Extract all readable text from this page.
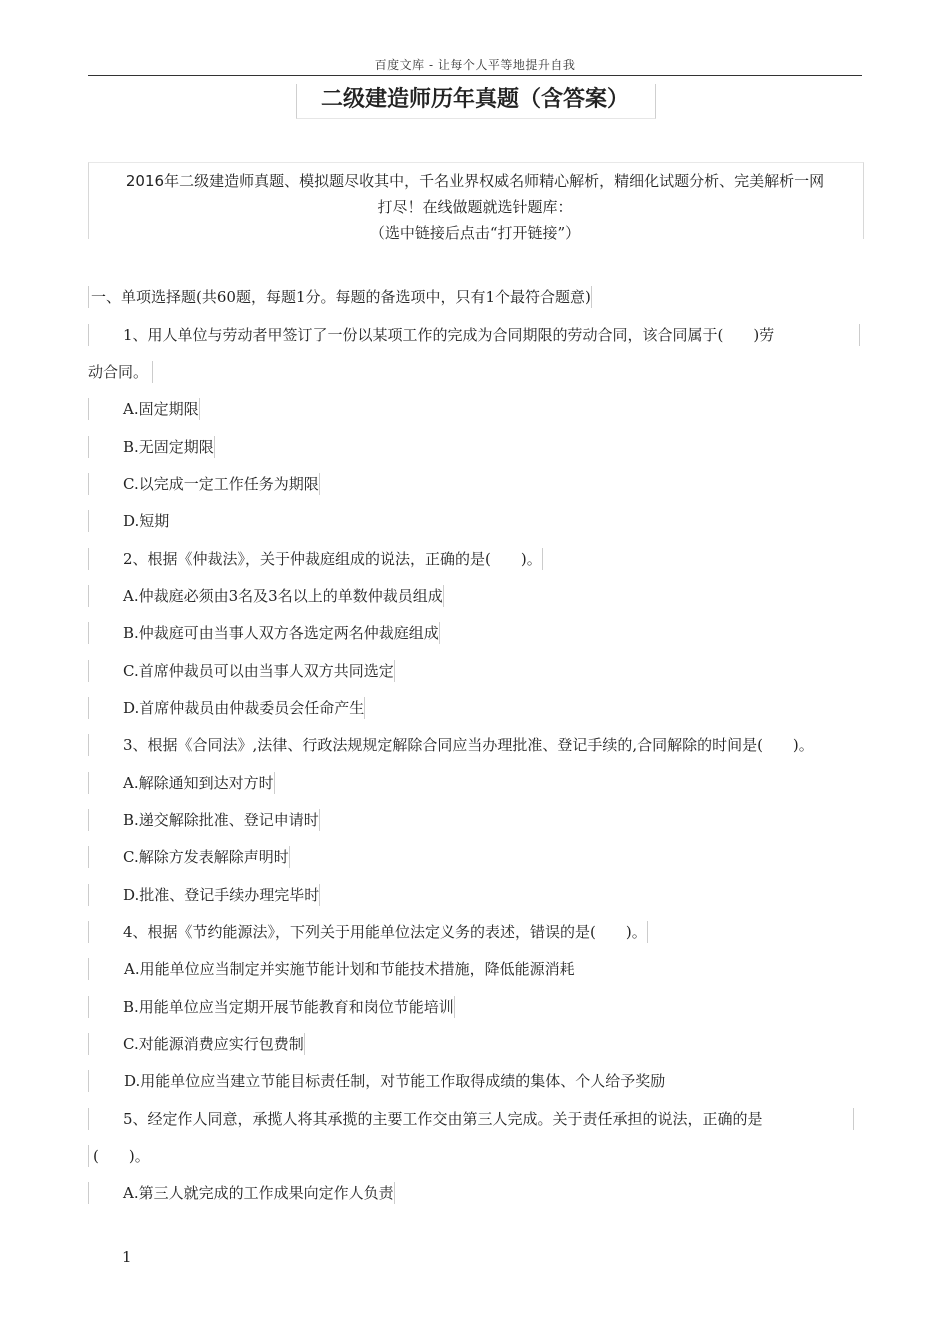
百度文库 - 让每个人平等地提升自我
二级建造师历年真题（含答案）
2016年二级建造师真题、模拟题尽收其中，千名业界权威名师精心解析，精细化试题分析、完美解析一网
打尽！在线做题就选针题库：
（选中链接后点击“打开链接”）
一、单项选择题(共60题，每题1分。每题的备选项中，只有1个最符合题意)
1、用人单位与劳动者甲签订了一份以某项工作的完成为合同期限的劳动合同，该合同属于(　　)劳
动合同。
A.固定期限
B.无固定期限
C.以完成一定工作任务为期限
D.短期
2、根据《仲裁法》，关于仲裁庭组成的说法，正确的是(　　)。
A.仲裁庭必须由3名及3名以上的单数仲裁员组成
B.仲裁庭可由当事人双方各选定两名仲裁庭组成
C.首席仲裁员可以由当事人双方共同选定
D.首席仲裁员由仲裁委员会任命产生
3、根据《合同法》,法律、行政法规规定解除合同应当办理批准、登记手续的,合同解除的时间是(　　)。
A.解除通知到达对方时
B.递交解除批准、登记申请时
C.解除方发表解除声明时
D.批准、登记手续办理完毕时
4、根据《节约能源法》，下列关于用能单位法定义务的表述，错误的是(　　)。
A.用能单位应当制定并实施节能计划和节能技术措施，降低能源消耗
B.用能单位应当定期开展节能教育和岗位节能培训
C.对能源消费应实行包费制
D.用能单位应当建立节能目标责任制，对节能工作取得成绩的集体、个人给予奖励
5、经定作人同意，承揽人将其承揽的主要工作交由第三人完成。关于责任承担的说法，正确的是
(　　)。
A.第三人就完成的工作成果向定作人负责
1
